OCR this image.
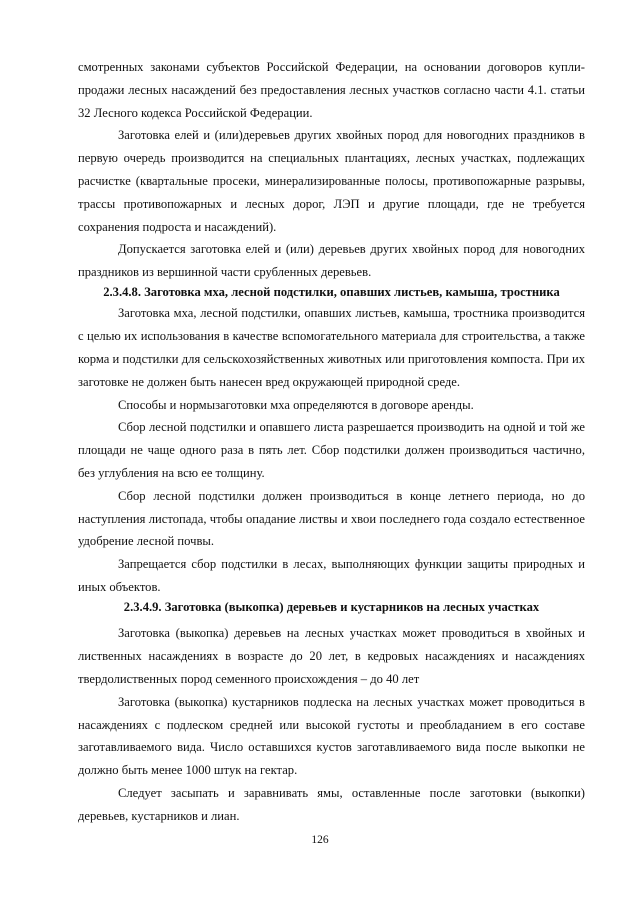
смотренных законами субъектов Российской Федерации, на основании договоров купли-продажи лесных насаждений без предоставления лесных участков согласно части 4.1. статьи 32 Лесного кодекса Российской Федерации.

Заготовка елей и (или)деревьев других хвойных пород для новогодних праздников в первую очередь производится на специальных плантациях, лесных участках, подлежащих расчистке (квартальные просеки, минерализированные полосы, противопожарные разрывы, трассы противопожарных и лесных дорог, ЛЭП и другие площади, где не требуется сохранения подроста и насаждений).

Допускается заготовка елей и (или) деревьев других хвойных пород для новогодних праздников из вершинной части срубленных деревьев.

2.3.4.8. Заготовка мха, лесной подстилки, опавших листьев, камыша, тростника

Заготовка мха, лесной подстилки, опавших листьев, камыша, тростника производится с целью их использования в качестве вспомогательного материала для строительства, а также корма и подстилки для сельскохозяйственных животных или приготовления компоста. При их заготовке не должен быть нанесен вред окружающей природной среде.

Способы и нормызаготовки мха определяются в договоре аренды.

Сбор лесной подстилки и опавшего листа разрешается производить на одной и той же площади не чаще одного раза в пять лет. Сбор подстилки должен производиться частично, без углубления на всю ее толщину.

Сбор лесной подстилки должен производиться в конце летнего периода, но до наступления листопада, чтобы опадание листвы и хвои последнего года создало естественное удобрение лесной почвы.

Запрещается сбор подстилки в лесах, выполняющих функции защиты природных и иных объектов.

2.3.4.9. Заготовка (выкопка) деревьев и кустарников на лесных участках

Заготовка (выкопка) деревьев на лесных участках может проводиться в хвойных и лиственных насаждениях в возрасте до 20 лет, в кедровых насаждениях и насаждениях твердолиственных пород семенного происхождения – до 40 лет

Заготовка (выкопка) кустарников подлеска на лесных участках может проводиться в насаждениях с подлеском средней или высокой густоты и преобладанием в его составе заготавливаемого вида. Число оставшихся кустов заготавливаемого вида после выкопки не должно быть менее 1000 штук на гектар.

Следует засыпать и заравнивать ямы, оставленные после заготовки (выкопки) деревьев, кустарников и лиан.

126
